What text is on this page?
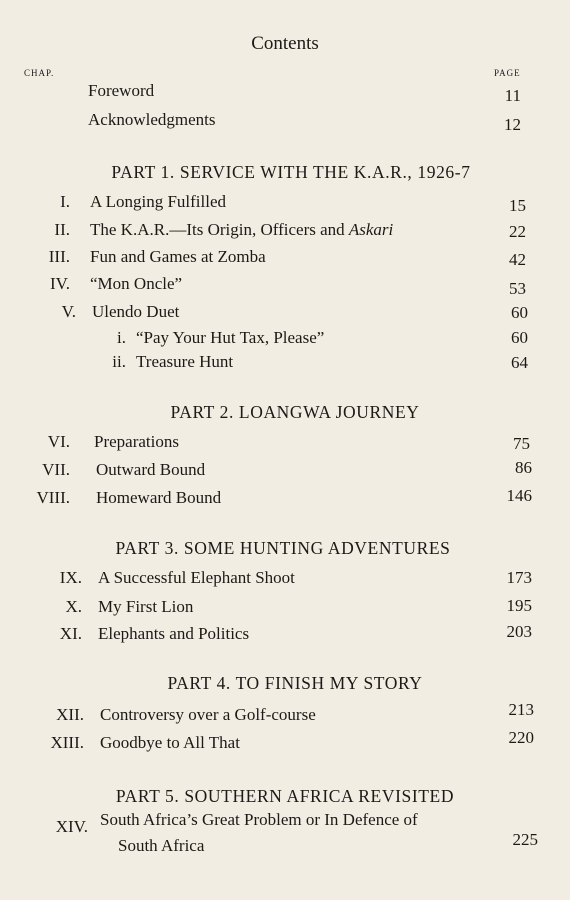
Contents
CHAP.	PAGE
Foreword	11
Acknowledgments	12
PART 1. SERVICE WITH THE K.A.R., 1926-7
I. A Longing Fulfilled	15
II. The K.A.R.—Its Origin, Officers and Askari	22
III. Fun and Games at Zomba	42
IV. “Mon Oncle”	53
V. Ulendo Duet	60
i. “Pay Your Hut Tax, Please”	60
ii. Treasure Hunt	64
PART 2. LOANGWA JOURNEY
VI. Preparations	75
VII. Outward Bound	86
VIII. Homeward Bound	146
PART 3. SOME HUNTING ADVENTURES
IX. A Successful Elephant Shoot	173
X. My First Lion	195
XI. Elephants and Politics	203
PART 4. TO FINISH MY STORY
XII. Controversy over a Golf-course	213
XIII. Goodbye to All That	220
PART 5. SOUTHERN AFRICA REVISITED
XIV. South Africa’s Great Problem or In Defence of
South Africa	225
